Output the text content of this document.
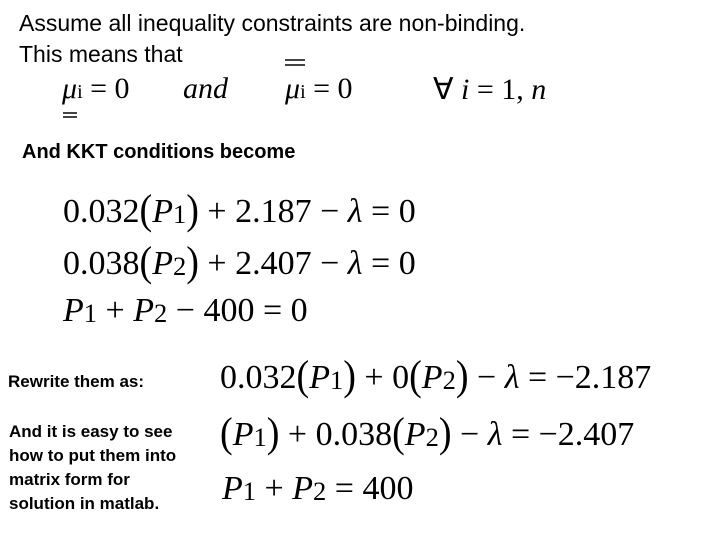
Assume all inequality constraints are non-binding.
This means that
μi = 0 and μi = 0	∀ i = 1, n
And KKT conditions become
0.032(P1) + 2.187 − λ = 0
0.038(P2) + 2.407 − λ = 0
P1 + P2 − 400 = 0
Rewrite them as:
And it is easy to see
how to put them into
matrix form for
solution in matlab.
0.032(P1) + 0(P2) − λ = −2.187
(P1) + 0.038(P2) − λ = −2.407
P1 + P2 = 400
